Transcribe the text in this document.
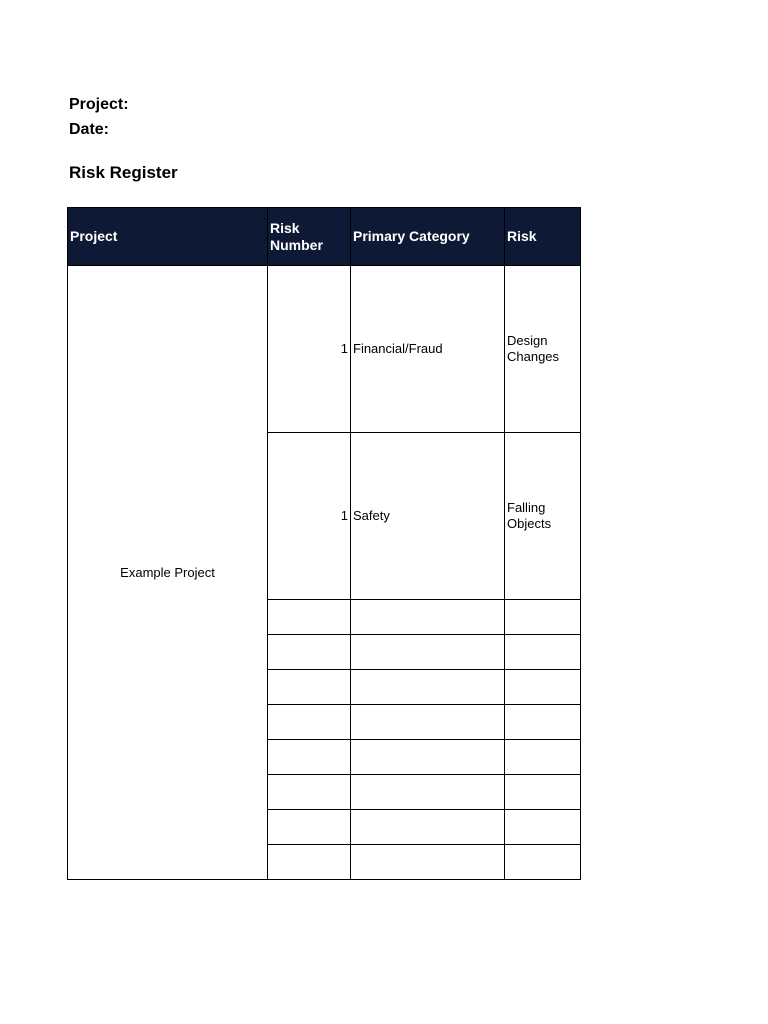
Project:
Date:
Risk Register
Project	Risk Number	Primary Category	Risk
Example Project	1	Financial/Fraud	Design Changes
	1	Safety	Falling Objects
